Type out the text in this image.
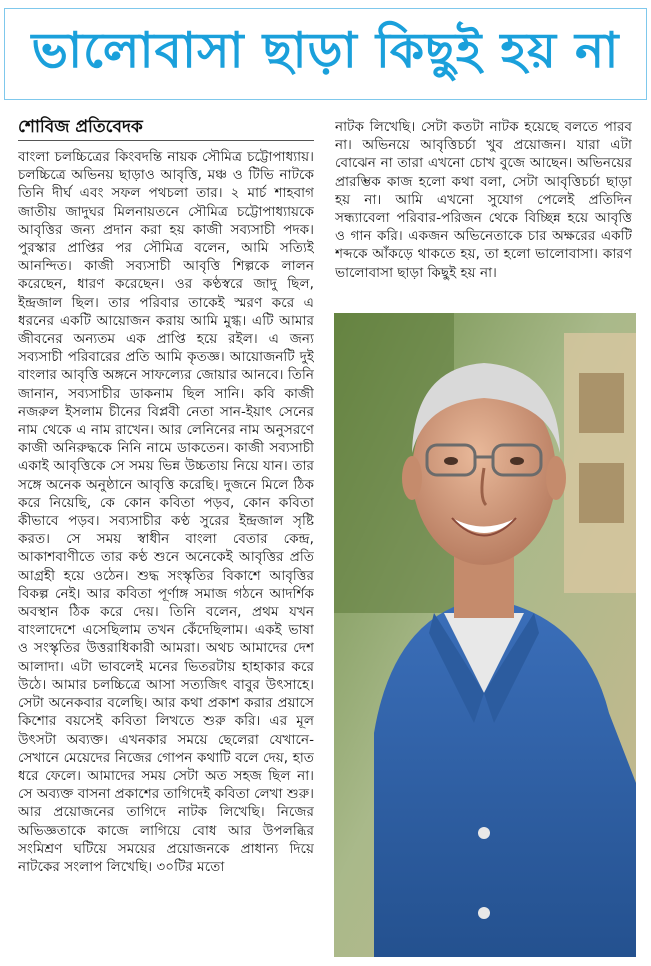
ভালোবাসা ছাড়া কিছুই হয় না
শোবিজ প্রতিবেদক

বাংলা চলচ্চিত্রের কিংবদন্তি নায়ক সৌমিত্র চট্টোপাধ্যায়। চলচ্চিত্রে অভিনয় ছাড়াও আবৃত্তি, মঞ্চ ও টিভি নাটকে তিনি দীর্ঘ এবং সফল পথচলা তার। ২ মার্চ শাহবাগ জাতীয় জাদুঘর মিলনায়তনে সৌমিত্র চট্টোপাধ্যায়কে আবৃত্তির জন্য প্রদান করা হয় কাজী সব্যসাচী পদক। পুরস্কার প্রাপ্তির পর সৌমিত্র বলেন, আমি সত্যিই আনন্দিত। কাজী সব্যসাচী আবৃত্তি শিল্পকে লালন করেছেন, ধারণ করেছেন। ওর কণ্ঠস্বরে জাদু ছিল, ইন্দ্রজাল ছিল। তার পরিবার তাকেই স্মরণ করে এ ধরনের একটি আয়োজন করায় আমি মুগ্ধ। এটি আমার জীবনের অন্যতম এক প্রাপ্তি হয়ে রইল। এ জন্য সব্যসাচী পরিবারের প্রতি আমি কৃতজ্ঞ। আয়োজনটি দুই বাংলার আবৃত্তি অঙ্গনে সাফল্যের জোয়ার আনবে। তিনি জানান, সব্যসাচীর ডাকনাম ছিল সানি। কবি কাজী নজরুল ইসলাম চীনের বিপ্লবী নেতা সান-ইয়াৎ সেনের নাম থেকে এ নাম রাখেন। আর লেনিনের নাম অনুসরণে কাজী অনিরুদ্ধকে নিনি নামে ডাকতেন। কাজী সব্যসাচী একাই আবৃত্তিকে সে সময় ভিন্ন উচ্চতায় নিয়ে যান। তার সঙ্গে অনেক অনুষ্ঠানে আবৃত্তি করেছি। দুজনে মিলে ঠিক করে নিয়েছি, কে কোন কবিতা পড়ব, কোন কবিতা কীভাবে পড়ব। সব্যসাচীর কণ্ঠ সুরের ইন্দ্রজাল সৃষ্টি করত। সে সময় স্বাধীন বাংলা বেতার কেন্দ্র, আকাশবাণীতে তার কণ্ঠ শুনে অনেকেই আবৃত্তির প্রতি আগ্রহী হয়ে ওঠেন। শুদ্ধ সংস্কৃতির বিকাশে আবৃত্তির বিকল্প নেই। আর কবিতা পূর্ণাঙ্গ সমাজ গঠনে আদর্শিক অবস্থান ঠিক করে দেয়। তিনি বলেন, প্রথম যখন বাংলাদেশে এসেছিলাম তখন কেঁদেছিলাম। একই ভাষা ও সংস্কৃতির উত্তরাধিকারী আমরা। অথচ আমাদের দেশ আলাদা। এটা ভাবলেই মনের ভিতরটায় হাহাকার করে উঠে। আমার চলচ্চিত্রে আসা সত্যজিৎ বাবুর উৎসাহে। সেটা অনেকবার বলেছি। আর কথা প্রকাশ করার প্রয়াসে কিশোর বয়সেই কবিতা লিখতে শুরু করি। এর মূল উৎসটা অব্যক্ত। এখনকার সময়ে ছেলেরা যেখানে-সেখানে মেয়েদের নিজের গোপন কথাটি বলে দেয়, হাত ধরে ফেলে। আমাদের সময় সেটা অত সহজ ছিল না। সে অব্যক্ত বাসনা প্রকাশের তাগিদেই কবিতা লেখা শুরু। আর প্রয়োজনের তাগিদে নাটক লিখেছি। নিজের অভিজ্ঞতাকে কাজে লাগিয়ে বোধ আর উপলব্ধির সংমিশ্রণ ঘটিয়ে সময়ের প্রয়োজনকে প্রাধান্য দিয়ে নাটকের সংলাপ লিখেছি। ৩০টির মতো

নাটক লিখেছি। সেটা কতটা নাটক হয়েছে বলতে পারব না। অভিনয়ে আবৃত্তিচর্চা খুব প্রয়োজন। যারা এটা বোঝেন না তারা এখনো চোখ বুজে আছেন। অভিনয়ের প্রারম্ভিক কাজ হলো কথা বলা, সেটা আবৃত্তিচর্চা ছাড়া হয় না। আমি এখনো সুযোগ পেলেই প্রতিদিন সন্ধ্যাবেলা পরিবার-পরিজন থেকে বিচ্ছিন্ন হয়ে আবৃত্তি ও গান করি। একজন অভিনেতাকে চার অক্ষরের একটি শব্দকে আঁকড়ে থাকতে হয়, তা হলো ভালোবাসা। কারণ ভালোবাসা ছাড়া কিছুই হয় না।
